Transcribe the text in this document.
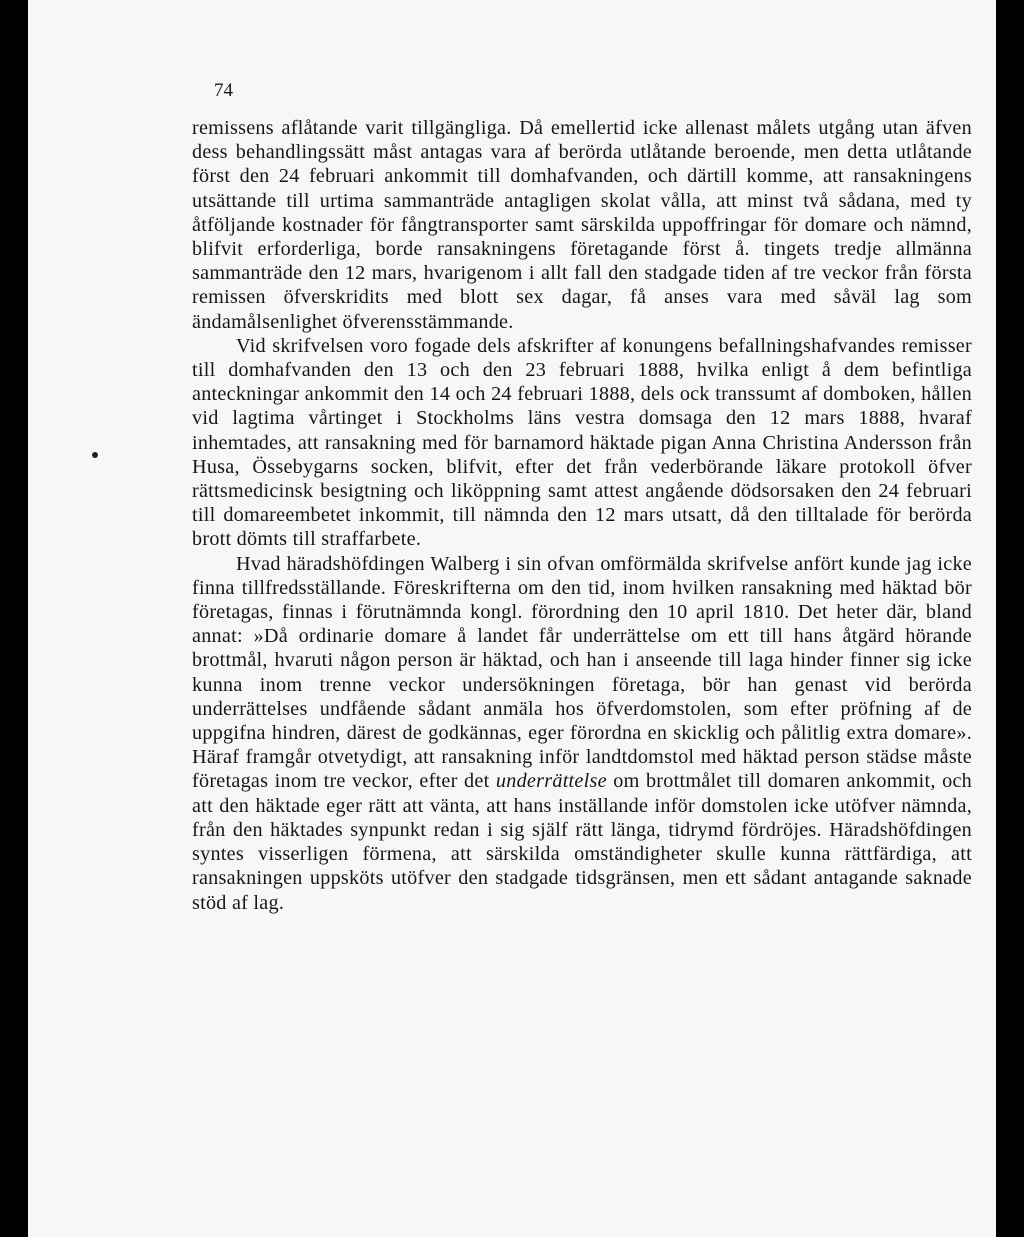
74

remissens aflåtande varit tillgängliga. Då emellertid icke allenast målets utgång utan äfven dess behandlingssätt måst antagas vara af berörda utlåtande beroende, men detta utlåtande först den 24 februari ankommit till domhafvanden, och därtill komme, att ransakningens utsättande till urtima sammanträde antagligen skolat vålla, att minst två sådana, med ty åtföljande kostnader för fångtransporter samt särskilda uppoffringar för domare och nämnd, blifvit erforderliga, borde ransakningens företagande först å. tingets tredje allmänna sammanträde den 12 mars, hvarigenom i allt fall den stadgade tiden af tre veckor från första remissen öfverskridits med blott sex dagar, få anses vara med såväl lag som ändamålsenlighet öfverensstämmande.

Vid skrifvelsen voro fogade dels afskrifter af konungens befallningshafvandes remisser till domhafvanden den 13 och den 23 februari 1888, hvilka enligt å dem befintliga anteckningar ankommit den 14 och 24 februari 1888, dels ock transsumt af domboken, hållen vid lagtima vårtinget i Stockholms läns vestra domsaga den 12 mars 1888, hvaraf inhemtades, att ransakning med för barnamord häktade pigan Anna Christina Andersson från Husa, Össebygarns socken, blifvit, efter det från vederbörande läkare protokoll öfver rättsmedicinsk besigtning och liköppning samt attest angående dödsorsaken den 24 februari till domareembetet inkommit, till nämnda den 12 mars utsatt, då den tilltalade för berörda brott dömts till straffarbete.

Hvad häradshöfdingen Walberg i sin ofvan omförmälda skrifvelse anfört kunde jag icke finna tillfredsställande. Föreskrifterna om den tid, inom hvilken ransakning med häktad bör företagas, finnas i förutnämnda kongl. förordning den 10 april 1810. Det heter där, bland annat: »Då ordinarie domare å landet får underrättelse om ett till hans åtgärd hörande brottmål, hvaruti någon person är häktad, och han i anseende till laga hinder finner sig icke kunna inom trenne veckor undersökningen företaga, bör han genast vid berörda underrättelses undfående sådant anmäla hos öfverdomstolen, som efter pröfning af de uppgifna hindren, därest de godkännas, eger förordna en skicklig och pålitlig extra domare». Häraf framgår otvetydigt, att ransakning inför landtdomstol med häktad person städse måste företagas inom tre veckor, efter det underrättelse om brottmålet till domaren ankommit, och att den häktade eger rätt att vänta, att hans inställande inför domstolen icke utöfver nämnda, från den häktades synpunkt redan i sig själf rätt länga, tidrymd fördröjes. Häradshöfdingen syntes visserligen förmena, att särskilda omständigheter skulle kunna rättfärdiga, att ransakningen uppsköts utöfver den stadgade tidsgränsen, men ett sådant antagande saknade stöd af lag.
